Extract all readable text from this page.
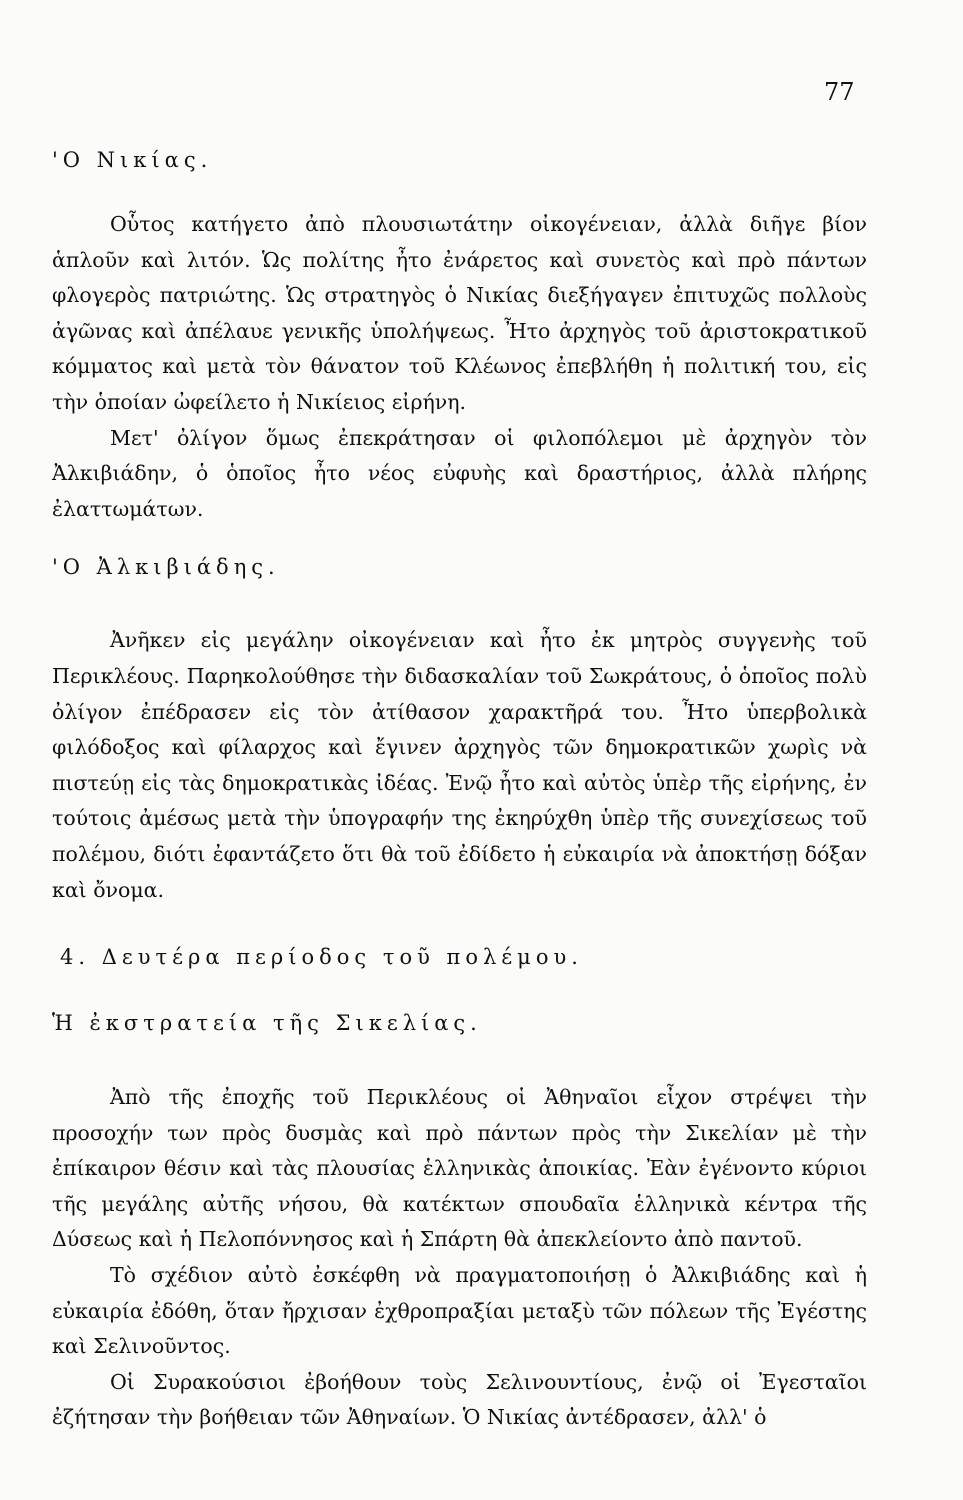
77
'Ο Νικίας.

Οὗτος κατήγετο ἀπὸ πλουσιωτάτην οἰκογένειαν, ἀλλὰ διῆγε βίον ἁπλοῦν καὶ λιτόν. Ὡς πολίτης ἦτο ἐνάρετος καὶ συνετὸς καὶ πρὸ πάντων φλογερὸς πατριώτης. Ὡς στρατηγὸς ὁ Νικίας διεξήγαγεν ἐπιτυχῶς πολλοὺς ἀγῶνας καὶ ἀπέλαυε γενικῆς ὑπολήψεως. Ἦτο ἀρχηγὸς τοῦ ἀριστοκρατικοῦ κόμματος καὶ μετὰ τὸν θάνατον τοῦ Κλέωνος ἐπεβλήθη ἡ πολιτική του, εἰς τὴν ὁποίαν ὠφείλετο ἡ Νικίειος εἰρήνη.

Μετ' ὀλίγον ὅμως ἐπεκράτησαν οἱ φιλοπόλεμοι μὲ ἀρχηγὸν τὸν Ἀλκιβιάδην, ὁ ὁποῖος ἦτο νέος εὐφυὴς καὶ δραστήριος, ἀλλὰ πλήρης ἐλαττωμάτων.

'Ο Ἀλκιβιάδης.

Ἀνῆκεν εἰς μεγάλην οἰκογένειαν καὶ ἦτο ἐκ μητρὸς συγγενὴς τοῦ Περικλέους. Παρηκολούθησε τὴν διδασκαλίαν τοῦ Σωκράτους, ὁ ὁποῖος πολὺ ὀλίγον ἐπέδρασεν εἰς τὸν ἀτίθασον χαρακτῆρά του. Ἦτο ὑπερβολικὰ φιλόδοξος καὶ φίλαρχος καὶ ἔγινεν ἀρχηγὸς τῶν δημοκρατικῶν χωρὶς νὰ πιστεύῃ εἰς τὰς δημοκρατικὰς ἰδέας. Ἐνῷ ἦτο καὶ αὐτὸς ὑπὲρ τῆς εἰρήνης, ἐν τούτοις ἀμέσως μετὰ τὴν ὑπογραφήν της ἐκηρύχθη ὑπὲρ τῆς συνεχίσεως τοῦ πολέμου, διότι ἐφαντάζετο ὅτι θὰ τοῦ ἐδίδετο ἡ εὐκαιρία νὰ ἀποκτήσῃ δόξαν καὶ ὄνομα.

4. Δευτέρα περίοδος τοῦ πολέμου.
Ἡ ἐκστρατεία τῆς Σικελίας.

Ἀπὸ τῆς ἐποχῆς τοῦ Περικλέους οἱ Ἀθηναῖοι εἶχον στρέψει τὴν προσοχήν των πρὸς δυσμὰς καὶ πρὸ πάντων πρὸς τὴν Σικελίαν μὲ τὴν ἐπίκαιρον θέσιν καὶ τὰς πλουσίας ἑλληνικὰς ἀποικίας. Ἐὰν ἐγένοντο κύριοι τῆς μεγάλης αὐτῆς νήσου, θὰ κατέκτων σπουδαῖα ἑλληνικὰ κέντρα τῆς Δύσεως καὶ ἡ Πελοπόννησος καὶ ἡ Σπάρτη θὰ ἀπεκλείοντο ἀπὸ παντοῦ.

Τὸ σχέδιον αὐτὸ ἐσκέφθη νὰ πραγματοποιήσῃ ὁ Ἀλκιβιάδης καὶ ἡ εὐκαιρία ἐδόθη, ὅταν ἤρχισαν ἐχθροπραξίαι μεταξὺ τῶν πόλεων τῆς Ἐγέστης καὶ Σελινοῦντος.

Οἱ Συρακούσιοι ἐβοήθουν τοὺς Σελινουντίους, ἐνῷ οἱ Ἐγεσταῖοι ἐζήτησαν τὴν βοήθειαν τῶν Ἀθηναίων. Ὁ Νικίας ἀντέδρασεν, ἀλλ' ὁ
